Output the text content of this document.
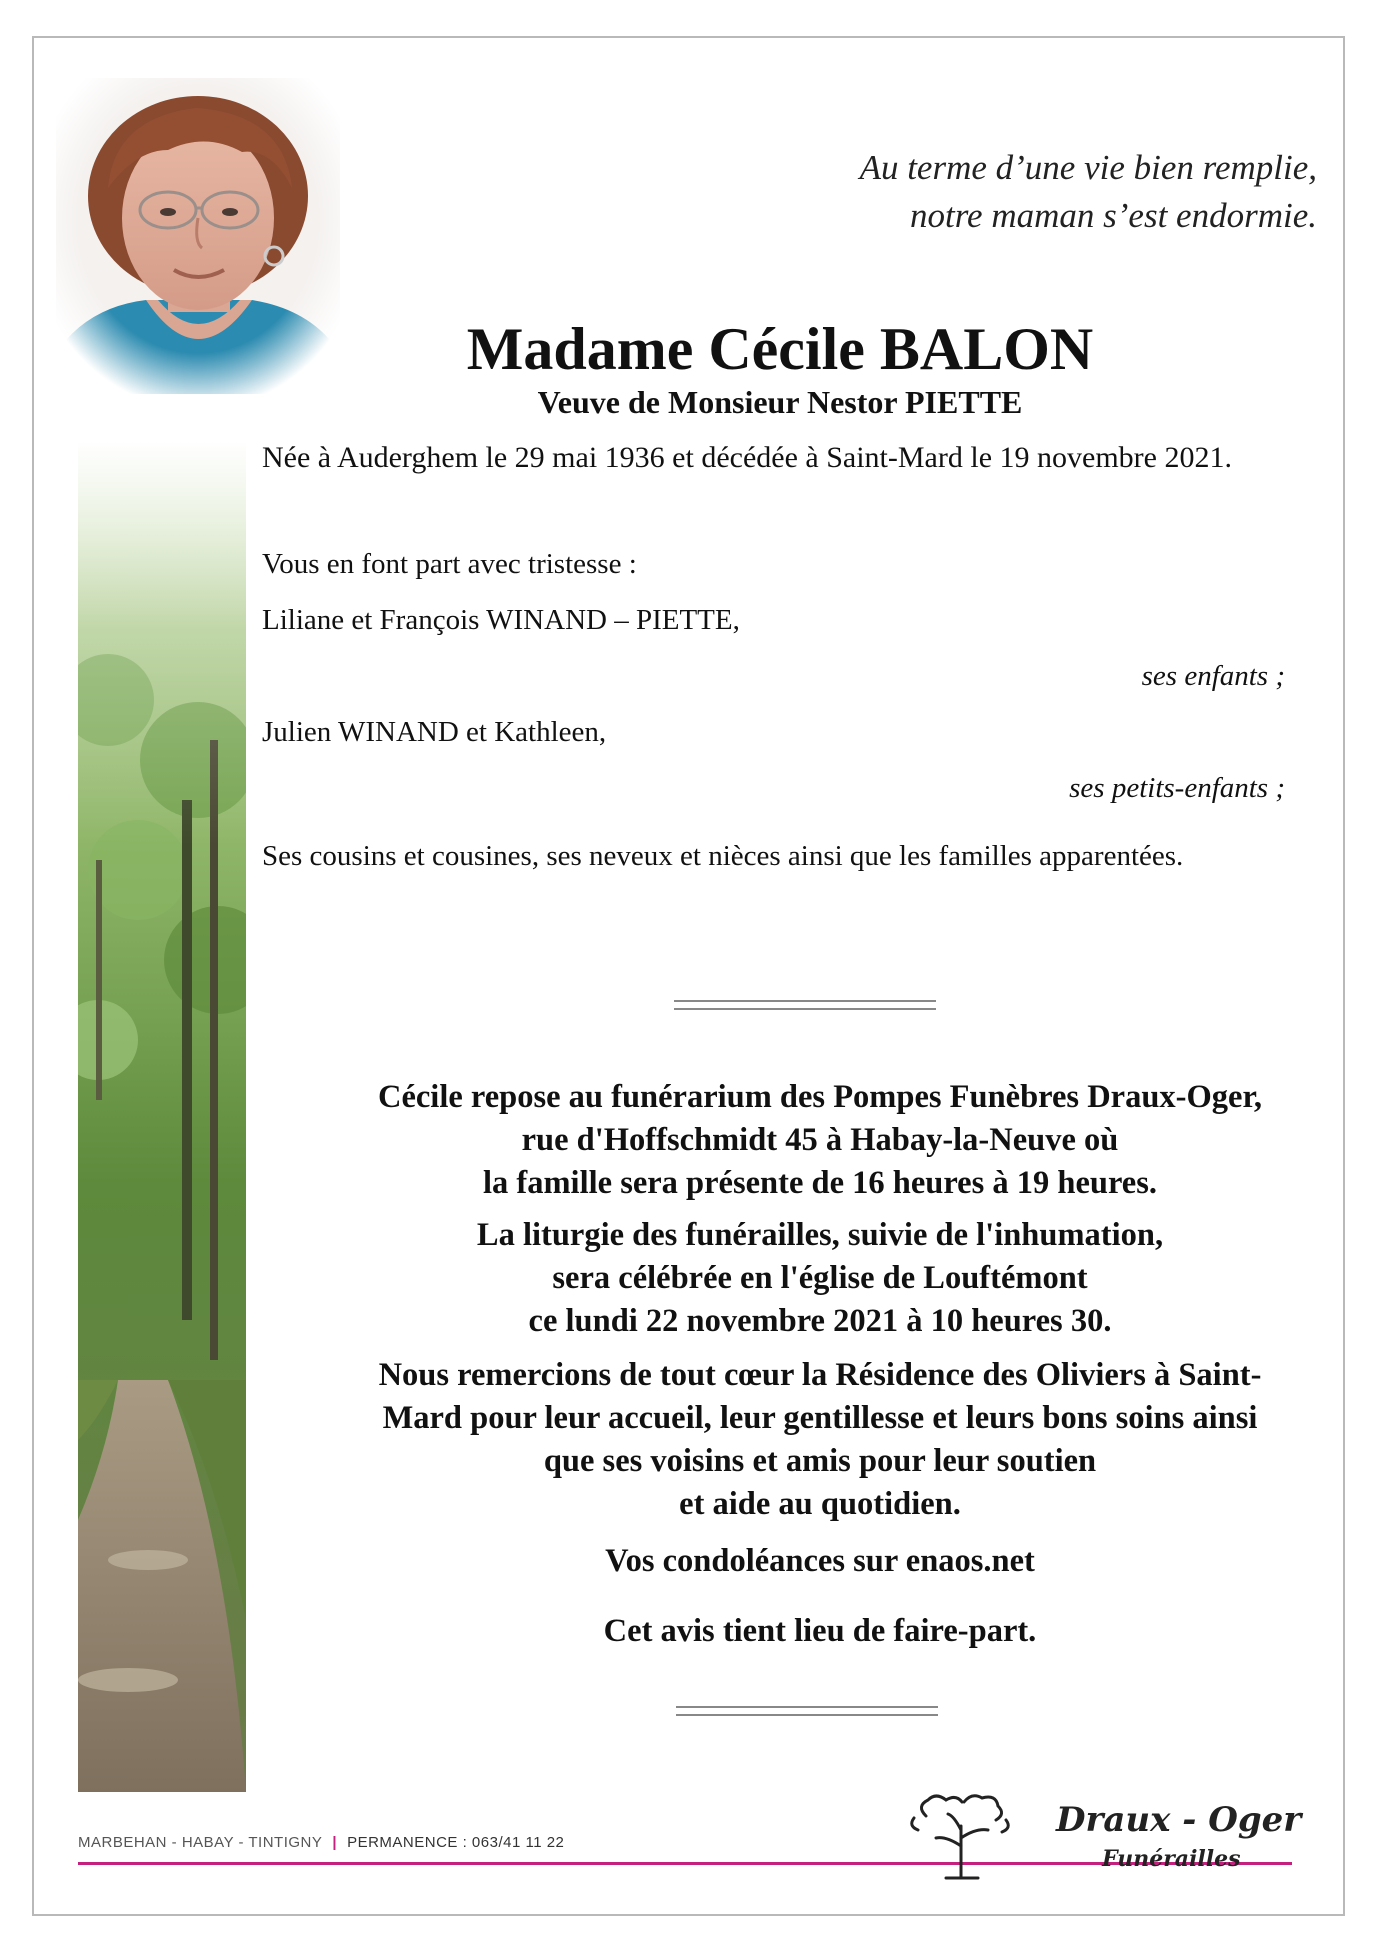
Au terme d’une vie bien remplie,
notre maman s’est endormie.
Madame Cécile BALON
Veuve de Monsieur Nestor PIETTE
Née à Auderghem le 29 mai 1936 et décédée à Saint-Mard le 19 novembre 2021.
Vous en font part avec tristesse :
Liliane et François WINAND – PIETTE,
ses enfants ;
Julien WINAND et Kathleen,
ses petits-enfants ;
Ses cousins et cousines, ses neveux et nièces ainsi que les familles apparentées.
Cécile repose au funérarium des Pompes Funèbres Draux-Oger,
rue d'Hoffschmidt 45 à Habay-la-Neuve où
la famille sera présente de 16 heures à 19 heures.
La liturgie des funérailles, suivie de l'inhumation,
sera célébrée en l'église de Louftémont
ce lundi 22 novembre 2021 à 10 heures 30.
Nous remercions de tout cœur la Résidence des Oliviers à Saint-
Mard pour leur accueil, leur gentillesse et leurs bons soins ainsi
que ses voisins et amis pour leur soutien
et aide au quotidien.
Vos condoléances sur enaos.net
Cet avis tient lieu de faire-part.
MARBEHAN - HABAY - TINTIGNY | PERMANENCE : 063/41 11 22
Draux - Oger
Funérailles
